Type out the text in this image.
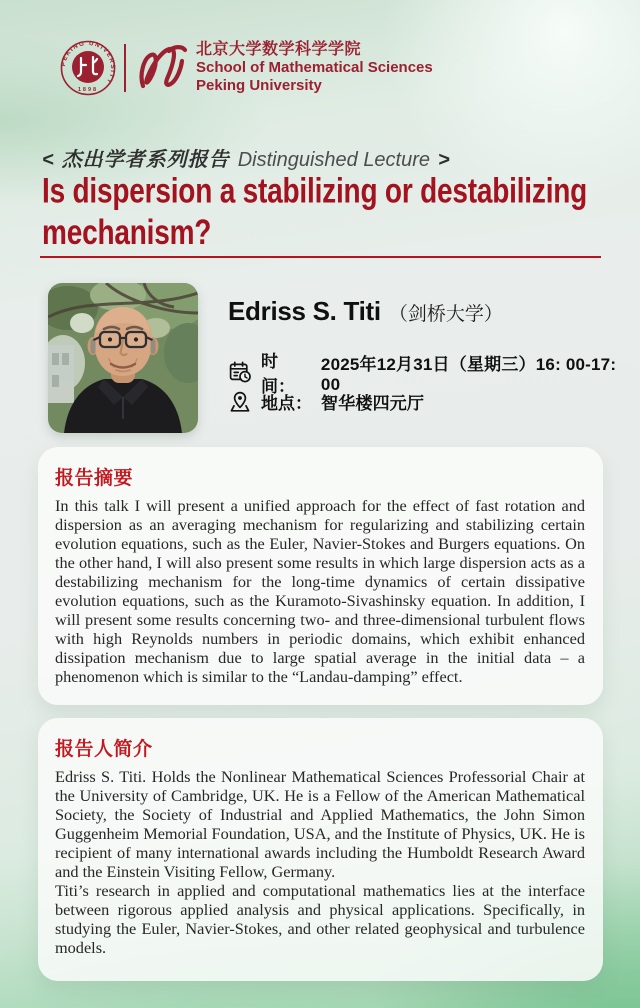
PEKING UNIVERSITY
1898
北京大学数学科学学院
School of Mathematical Sciences
Peking University
< 杰出学者系列报告 Distinguished Lecture >
Is dispersion a stabilizing or destabilizing mechanism?
Edriss S. Titi （剑桥大学）
时间：
2025年12月31日（星期三）16: 00-17: 00
地点： 智华楼四元厅
报告摘要

In this talk I will present a unified approach for the effect of fast rotation and dispersion as an averaging mechanism for regularizing and stabilizing certain evolution equations, such as the Euler, Navier-Stokes and Burgers equations. On the other hand, I will also present some results in which large dispersion acts as a destabilizing mechanism for the long-time dynamics of certain dissipative evolution equations, such as the Kuramoto-Sivashinsky equation. In addition, I will present some results concerning two- and three-dimensional turbulent flows with high Reynolds numbers in periodic domains, which exhibit enhanced dissipation mechanism due to large spatial average in the initial data – a phenomenon which is similar to the “Landau-damping” effect.

报告人简介

Edriss S. Titi. Holds the Nonlinear Mathematical Sciences Professorial Chair at the University of Cambridge, UK. He is a Fellow of the American Mathematical Society, the Society of Industrial and Applied Mathematics, the John Simon Guggenheim Memorial Foundation, USA, and the Institute of Physics, UK. He is recipient of many international awards including the Humboldt Research Award and the Einstein Visiting Fellow, Germany.

Titi’s research in applied and computational mathematics lies at the interface between rigorous applied analysis and physical applications. Specifically, in studying the Euler, Navier-Stokes, and other related geophysical and turbulence models.
